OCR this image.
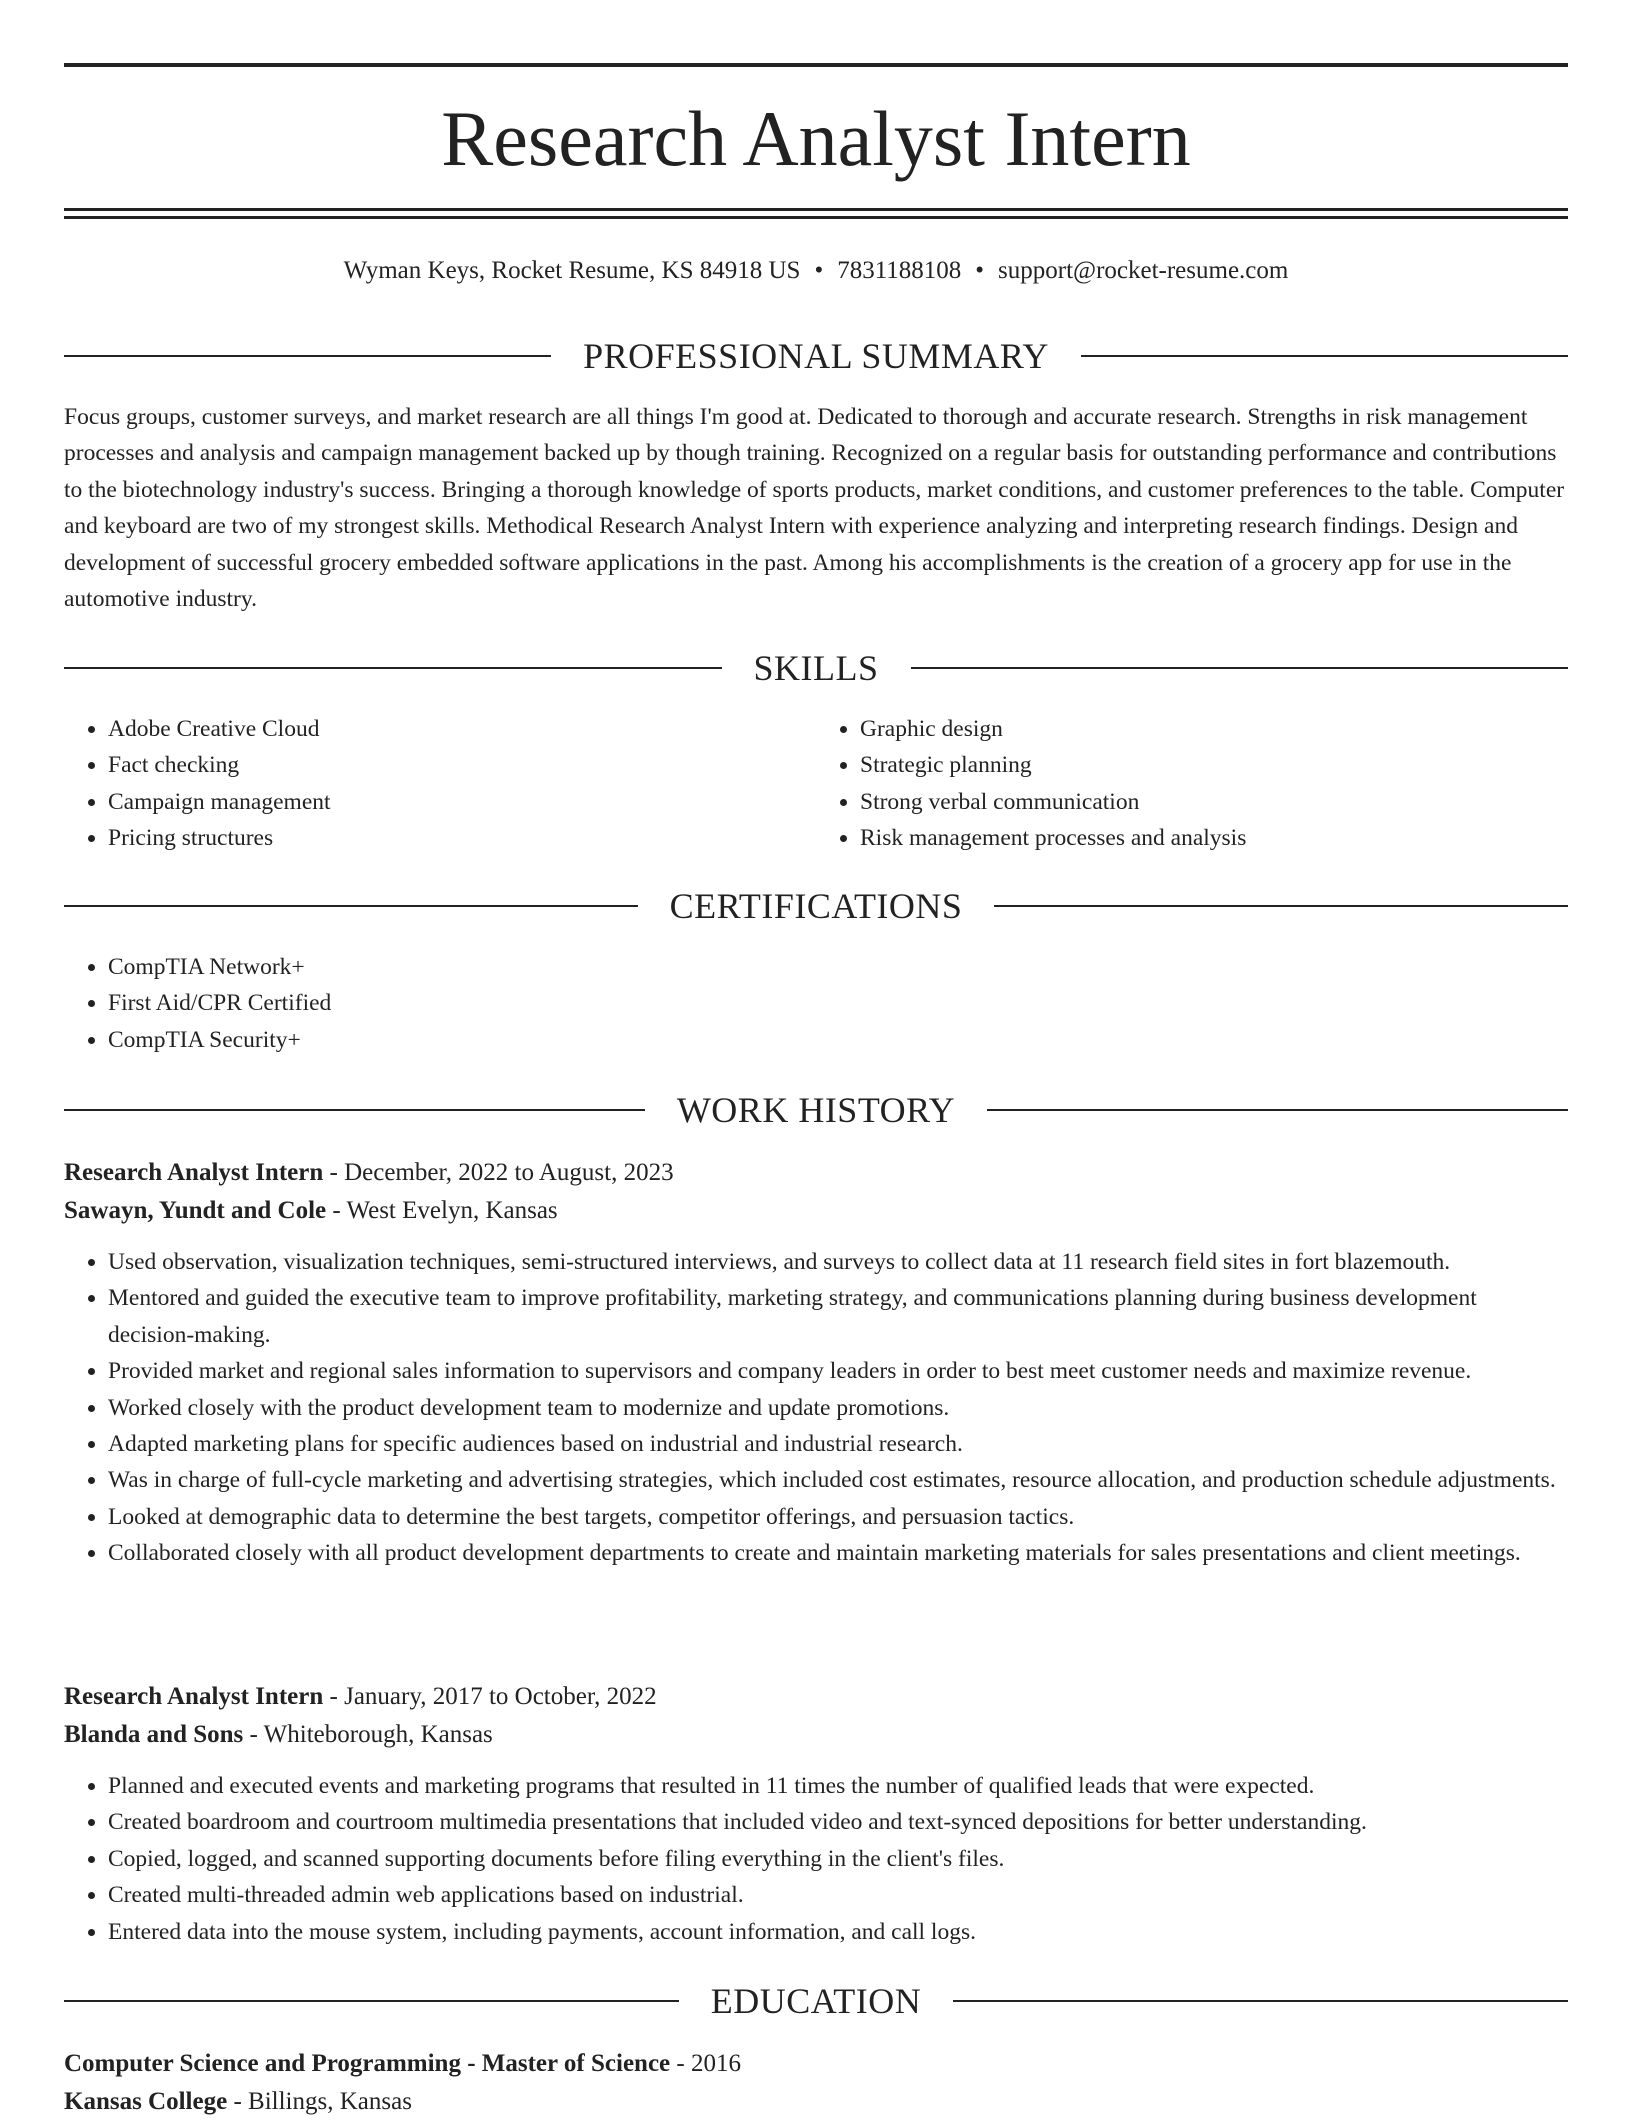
Research Analyst Intern
Wyman Keys, Rocket Resume, KS 84918 US • 7831188108 • support@rocket-resume.com
PROFESSIONAL SUMMARY

Focus groups, customer surveys, and market research are all things I'm good at. Dedicated to thorough and accurate research. Strengths in risk management processes and analysis and campaign management backed up by though training. Recognized on a regular basis for outstanding performance and contributions to the biotechnology industry's success. Bringing a thorough knowledge of sports products, market conditions, and customer preferences to the table. Computer and keyboard are two of my strongest skills. Methodical Research Analyst Intern with experience analyzing and interpreting research findings. Design and development of successful grocery embedded software applications in the past. Among his accomplishments is the creation of a grocery app for use in the automotive industry.

SKILLS
• Adobe Creative Cloud
• Fact checking
• Campaign management
• Pricing structures
• Graphic design
• Strategic planning
• Strong verbal communication
• Risk management processes and analysis
CERTIFICATIONS
• CompTIA Network+
• First Aid/CPR Certified
• CompTIA Security+
WORK HISTORY
Research Analyst Intern - December, 2022 to August, 2023
Sawayn, Yundt and Cole - West Evelyn, Kansas
• Used observation, visualization techniques, semi-structured interviews, and surveys to collect data at 11 research field sites in fort blazemouth.
• Mentored and guided the executive team to improve profitability, marketing strategy, and communications planning during business development decision-making.
• Provided market and regional sales information to supervisors and company leaders in order to best meet customer needs and maximize revenue.
• Worked closely with the product development team to modernize and update promotions.
• Adapted marketing plans for specific audiences based on industrial and industrial research.
• Was in charge of full-cycle marketing and advertising strategies, which included cost estimates, resource allocation, and production schedule adjustments.
• Looked at demographic data to determine the best targets, competitor offerings, and persuasion tactics.
• Collaborated closely with all product development departments to create and maintain marketing materials for sales presentations and client meetings.
Research Analyst Intern - January, 2017 to October, 2022
Blanda and Sons - Whiteborough, Kansas
• Planned and executed events and marketing programs that resulted in 11 times the number of qualified leads that were expected.
• Created boardroom and courtroom multimedia presentations that included video and text-synced depositions for better understanding.
• Copied, logged, and scanned supporting documents before filing everything in the client's files.
• Created multi-threaded admin web applications based on industrial.
• Entered data into the mouse system, including payments, account information, and call logs.
EDUCATION
Computer Science and Programming - Master of Science - 2016
Kansas College - Billings, Kansas
